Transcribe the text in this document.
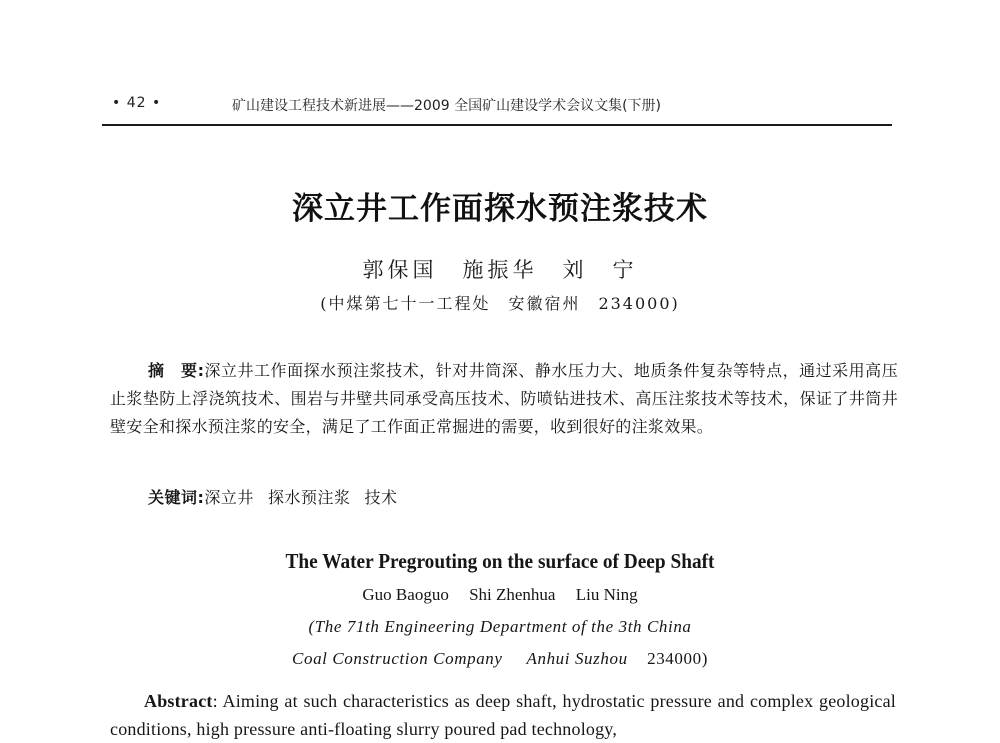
• 42 •	矿山建设工程技术新进展——2009 全国矿山建设学术会议文集(下册)
深立井工作面探水预注浆技术
郭保国　施振华　刘　宁
(中煤第七十一工程处　安徽宿州　234000)

摘　要:深立井工作面探水预注浆技术，针对井筒深、静水压力大、地质条件复杂等特点，通过采用高压止浆垫防上浮浇筑技术、围岩与井壁共同承受高压技术、防喷钻进技术、高压注浆技术等技术，保证了井筒井壁安全和探水预注浆的安全，满足了工作面正常掘进的需要，收到很好的注浆效果。

关键词:深立井 探水预注浆 技术
The Water Pregrouting on the surface of Deep Shaft
Guo Baoguo Shi Zhenhua Liu Ning
(The 71th Engineering Department of the 3th China
Coal Construction Company Anhui Suzhou 234000)

Abstract: Aiming at such characteristics as deep shaft, hydrostatic pressure and complex geological conditions, high pressure anti-floating slurry poured pad technology,
